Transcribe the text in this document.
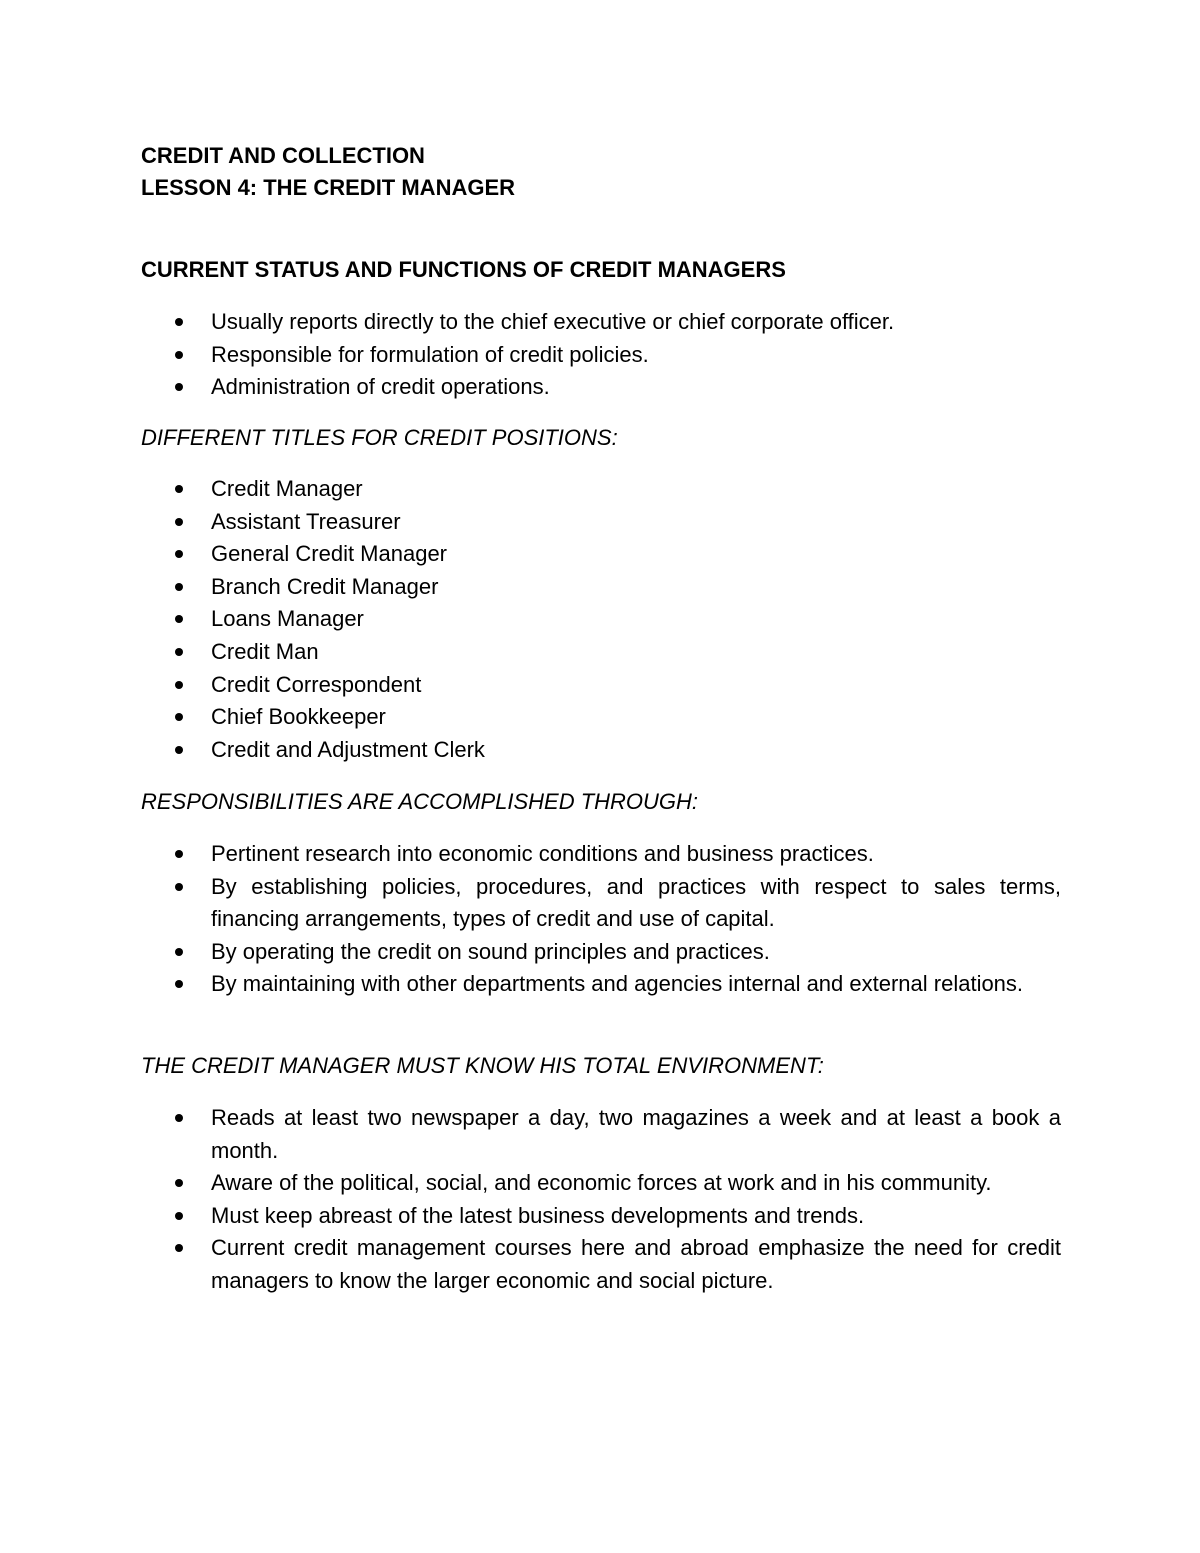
CREDIT AND COLLECTION
LESSON 4: THE CREDIT MANAGER
CURRENT STATUS AND FUNCTIONS OF CREDIT MANAGERS
Usually reports directly to the chief executive or chief corporate officer.
Responsible for formulation of credit policies.
Administration of credit operations.
DIFFERENT TITLES FOR CREDIT POSITIONS:
Credit Manager
Assistant Treasurer
General Credit Manager
Branch Credit Manager
Loans Manager
Credit Man
Credit Correspondent
Chief Bookkeeper
Credit and Adjustment Clerk
RESPONSIBILITIES ARE ACCOMPLISHED THROUGH:
Pertinent research into economic conditions and business practices.
By establishing policies, procedures, and practices with respect to sales terms, financing arrangements, types of credit and use of capital.
By operating the credit on sound principles and practices.
By maintaining with other departments and agencies internal and external relations.
THE CREDIT MANAGER MUST KNOW HIS TOTAL ENVIRONMENT:
Reads at least two newspaper a day, two magazines a week and at least a book a month.
Aware of the political, social, and economic forces at work and in his community.
Must keep abreast of the latest business developments and trends.
Current credit management courses here and abroad emphasize the need for credit managers to know the larger economic and social picture.
